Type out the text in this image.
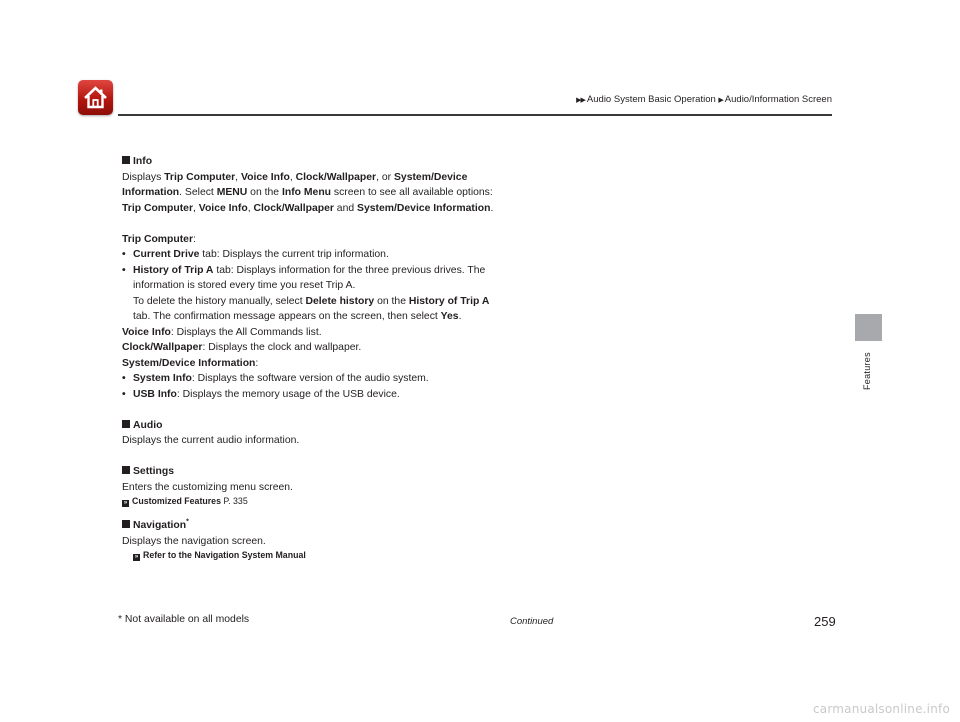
▶▶ Audio System Basic Operation ▶ Audio/Information Screen
Features

Info

Displays Trip Computer, Voice Info, Clock/Wallpaper, or System/Device
Information. Select MENU on the Info Menu screen to see all available options:
Trip Computer, Voice Info, Clock/Wallpaper and System/Device Information.

Trip Computer:

• Current Drive tab: Displays the current trip information.

• History of Trip A tab: Displays information for the three previous drives. The
information is stored every time you reset Trip A.
To delete the history manually, select Delete history on the History of Trip A
tab. The confirmation message appears on the screen, then select Yes.

Voice Info: Displays the All Commands list.

Clock/Wallpaper: Displays the clock and wallpaper.

System/Device Information:

• System Info: Displays the software version of the audio system.

• USB Info: Displays the memory usage of the USB device.

Audio

Displays the current audio information.

Settings

Enters the customizing menu screen.

» Customized Features P. 335

Navigation*

Displays the navigation screen.

» Refer to the Navigation System Manual

* Not available on all models	Continued	259
carmanualsonline.info
